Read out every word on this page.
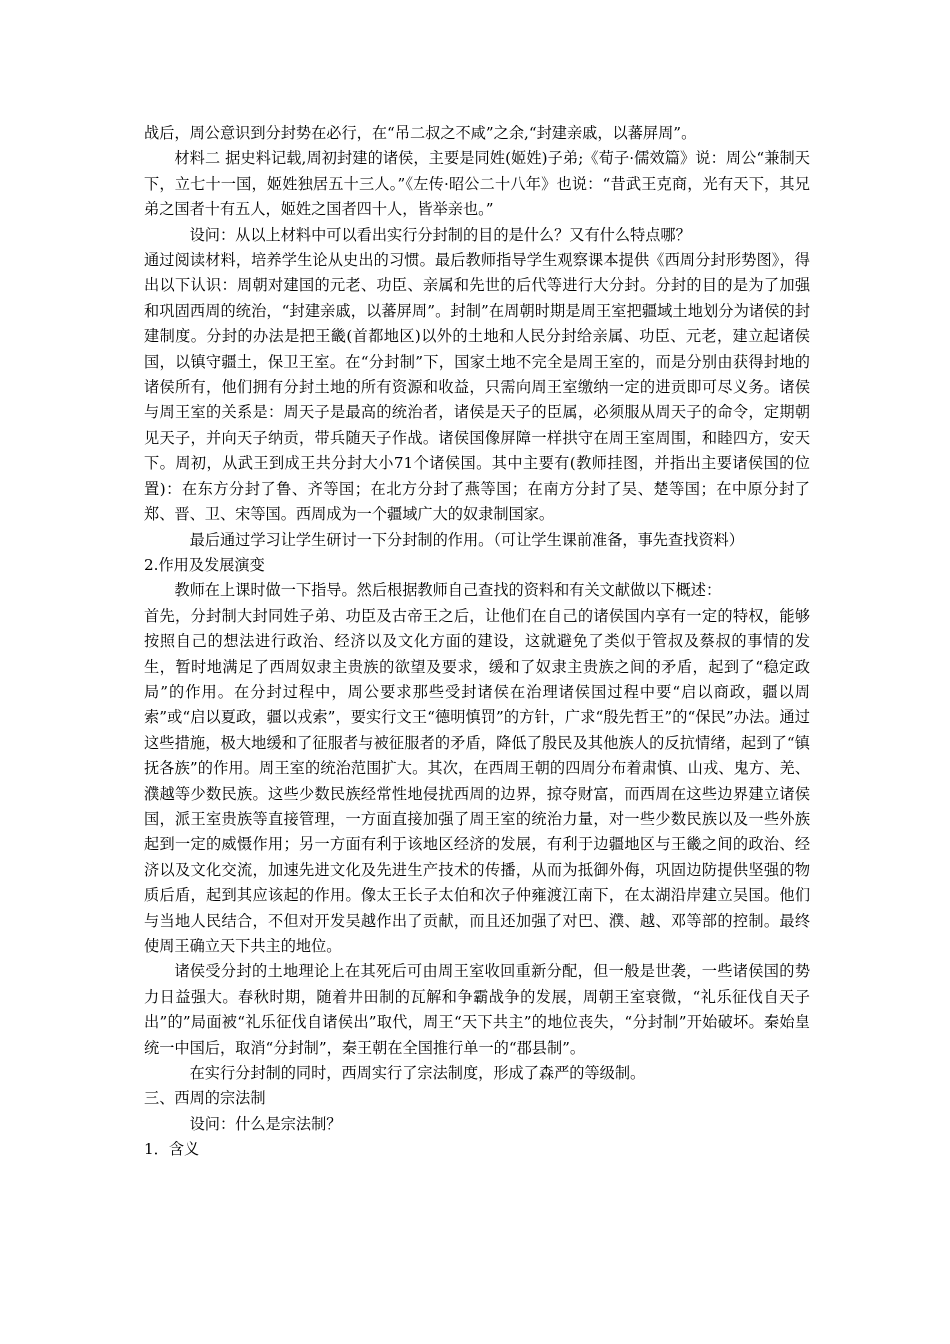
战后，周公意识到分封势在必行，在“吊二叔之不咸”之余,“封建亲戚，以蕃屏周”。

材料二 据史料记载,周初封建的诸侯，主要是同姓(姬姓)子弟;《荀子·儒效篇》说：周公“兼制天下，立七十一国，姬姓独居五十三人。”《左传·昭公二十八年》也说：“昔武王克商，光有天下，其兄弟之国者十有五人，姬姓之国者四十人，皆举亲也。”

设问：从以上材料中可以看出实行分封制的目的是什么？又有什么特点哪？

通过阅读材料，培养学生论从史出的习惯。最后教师指导学生观察课本提供《西周分封形势图》，得出以下认识：周朝对建国的元老、功臣、亲属和先世的后代等进行大分封。分封的目的是为了加强和巩固西周的统治，“封建亲戚，以蕃屏周”。封制”在周朝时期是周王室把疆域土地划分为诸侯的封建制度。分封的办法是把王畿(首都地区)以外的土地和人民分封给亲属、功臣、元老，建立起诸侯国，以镇守疆土，保卫王室。在“分封制”下，国家土地不完全是周王室的，而是分别由获得封地的诸侯所有，他们拥有分封土地的所有资源和收益，只需向周王室缴纳一定的进贡即可尽义务。诸侯与周王室的关系是：周天子是最高的统治者，诸侯是天子的臣属，必须服从周天子的命令，定期朝见天子，并向天子纳贡，带兵随天子作战。诸侯国像屏障一样拱守在周王室周围，和睦四方，安天下。周初，从武王到成王共分封大小71个诸侯国。其中主要有(教师挂图，并指出主要诸侯国的位置)：在东方分封了鲁、齐等国；在北方分封了燕等国；在南方分封了吴、楚等国；在中原分封了郑、晋、卫、宋等国。西周成为一个疆域广大的奴隶制国家。

最后通过学习让学生研讨一下分封制的作用。（可让学生课前准备，事先查找资料）

2.作用及发展演变

教师在上课时做一下指导。然后根据教师自己查找的资料和有关文献做以下概述：

首先，分封制大封同姓子弟、功臣及古帝王之后，让他们在自己的诸侯国内享有一定的特权，能够按照自己的想法进行政治、经济以及文化方面的建设，这就避免了类似于管叔及蔡叔的事情的发生，暂时地满足了西周奴隶主贵族的欲望及要求，缓和了奴隶主贵族之间的矛盾，起到了“稳定政局”的作用。在分封过程中，周公要求那些受封诸侯在治理诸侯国过程中要“启以商政，疆以周索”或“启以夏政，疆以戎索”，要实行文王“德明慎罚”的方针，广求“殷先哲王”的“保民”办法。通过这些措施，极大地缓和了征服者与被征服者的矛盾，降低了殷民及其他族人的反抗情绪，起到了“镇抚各族”的作用。周王室的统治范围扩大。其次，在西周王朝的四周分布着肃慎、山戎、鬼方、羌、濮越等少数民族。这些少数民族经常性地侵扰西周的边界，掠夺财富，而西周在这些边界建立诸侯国，派王室贵族等直接管理，一方面直接加强了周王室的统治力量，对一些少数民族以及一些外族起到一定的威慑作用；另一方面有利于该地区经济的发展，有利于边疆地区与王畿之间的政治、经济以及文化交流，加速先进文化及先进生产技术的传播，从而为抵御外侮，巩固边防提供坚强的物质后盾，起到其应该起的作用。像太王长子太伯和次子仲雍渡江南下，在太湖沿岸建立吴国。他们与当地人民结合，不但对开发吴越作出了贡献，而且还加强了对巴、濮、越、邓等部的控制。最终使周王确立天下共主的地位。

诸侯受分封的土地理论上在其死后可由周王室收回重新分配，但一般是世袭，一些诸侯国的势力日益强大。春秋时期，随着井田制的瓦解和争霸战争的发展，周朝王室衰微，“礼乐征伐自天子出”的”局面被“礼乐征伐自诸侯出”取代，周王“天下共主”的地位丧失，“分封制”开始破坏。秦始皇统一中国后，取消“分封制”，秦王朝在全国推行单一的“郡县制”。

在实行分封制的同时，西周实行了宗法制度，形成了森严的等级制。

三、西周的宗法制

设问：什么是宗法制？

1．含义
